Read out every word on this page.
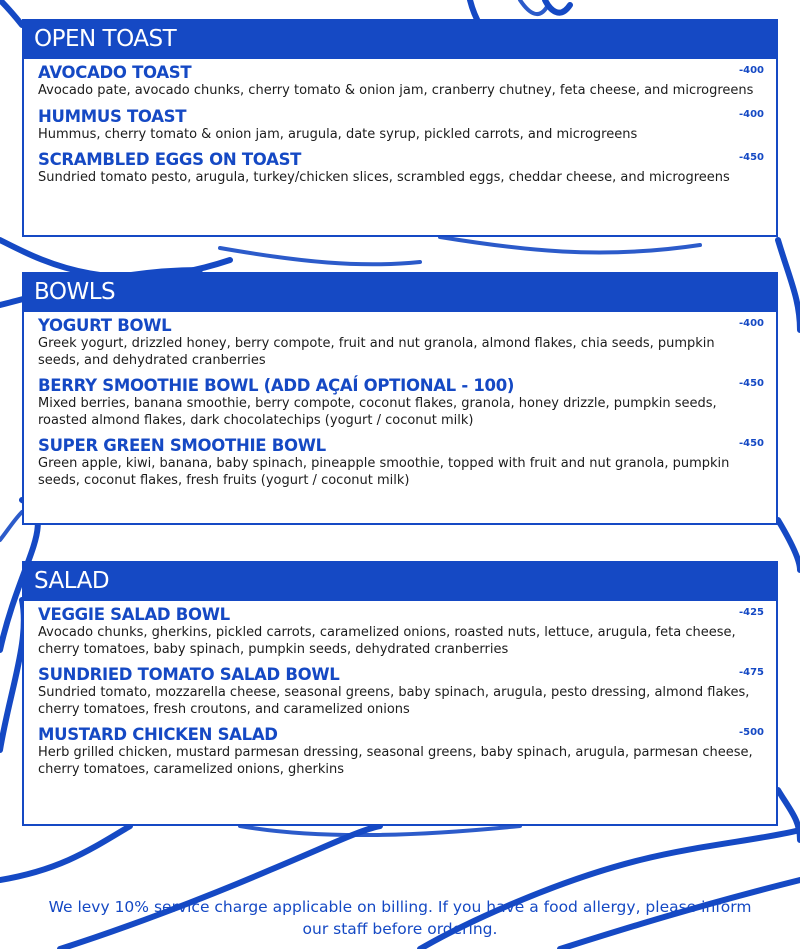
OPEN TOAST
AVOCADO TOAST	-400
Avocado pate, avocado chunks, cherry tomato & onion jam, cranberry chutney, feta cheese, and microgreens
HUMMUS TOAST	-400
Hummus, cherry tomato & onion jam, arugula, date syrup, pickled carrots, and microgreens
SCRAMBLED EGGS ON TOAST	-450
Sundried tomato pesto, arugula, turkey/chicken slices, scrambled eggs, cheddar cheese, and microgreens
BOWLS
YOGURT BOWL	-400
Greek yogurt, drizzled honey, berry compote, fruit and nut granola, almond flakes, chia seeds, pumpkin seeds, and dehydrated cranberries
BERRY SMOOTHIE BOWL (ADD AÇAÍ OPTIONAL - 100)	-450
Mixed berries, banana smoothie, berry compote, coconut flakes, granola, honey drizzle, pumpkin seeds, roasted almond flakes, dark chocolatechips (yogurt / coconut milk)
SUPER GREEN SMOOTHIE BOWL	-450
Green apple, kiwi, banana, baby spinach, pineapple smoothie, topped with fruit and nut granola, pumpkin seeds, coconut flakes, fresh fruits (yogurt / coconut milk)
SALAD
VEGGIE SALAD BOWL	-425
Avocado chunks, gherkins, pickled carrots, caramelized onions, roasted nuts, lettuce, arugula, feta cheese, cherry tomatoes, baby spinach, pumpkin seeds, dehydrated cranberries
SUNDRIED TOMATO SALAD BOWL	-475
Sundried tomato, mozzarella cheese, seasonal greens, baby spinach, arugula, pesto dressing, almond flakes, cherry tomatoes, fresh croutons, and caramelized onions
MUSTARD CHICKEN SALAD	-500
Herb grilled chicken, mustard parmesan dressing, seasonal greens, baby spinach, arugula, parmesan cheese, cherry tomatoes, caramelized onions, gherkins
We levy 10% service charge applicable on billing. If you have a food allergy, please inform
our staff before ordering.
